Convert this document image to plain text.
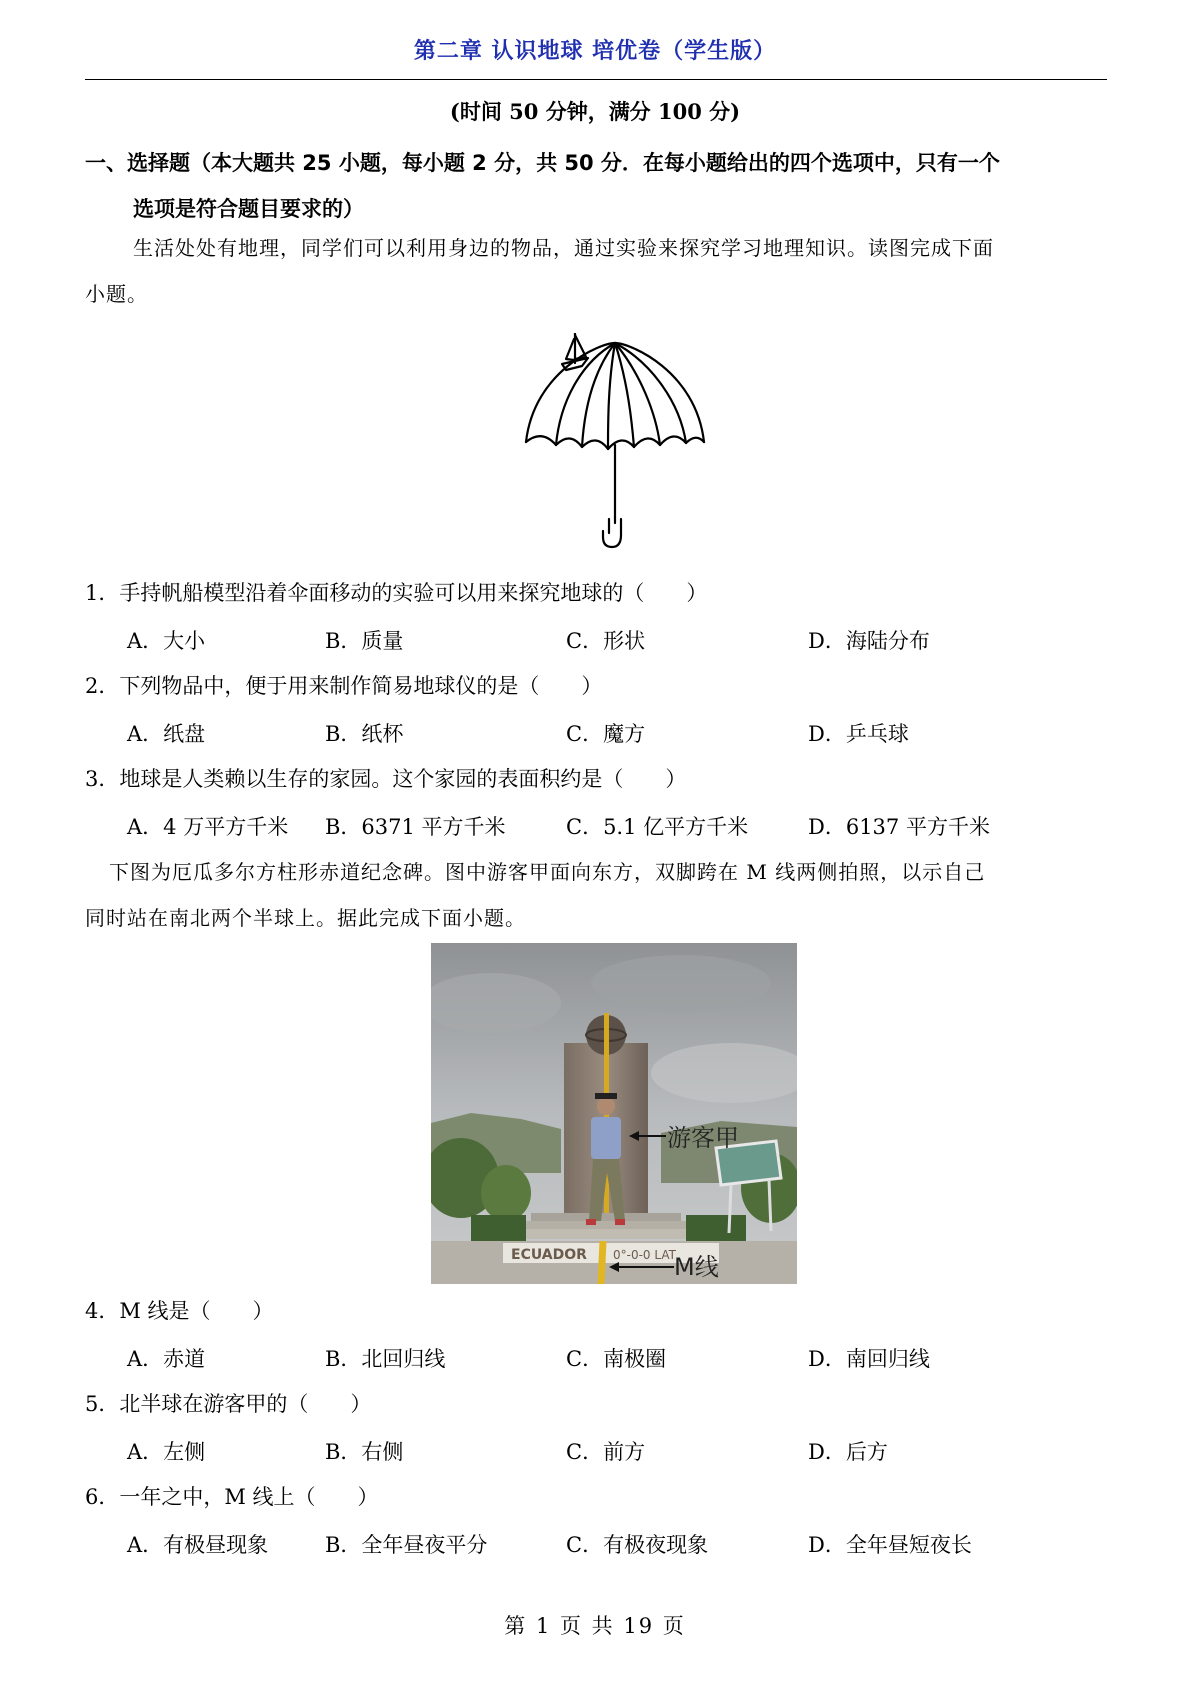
第二章 认识地球 培优卷（学生版）
(时间 50 分钟，满分 100 分)
一、选择题（本大题共 25 小题，每小题 2 分，共 50 分．在每小题给出的四个选项中，只有一个
选项是符合题目要求的）
生活处处有地理，同学们可以利用身边的物品，通过实验来探究学习地理知识。读图完成下面
小题。
1．手持帆船模型沿着伞面移动的实验可以用来探究地球的（　　）
A．大小	B．质量	C．形状	D．海陆分布
2．下列物品中，便于用来制作简易地球仪的是（　　）
A．纸盘	B．纸杯	C．魔方	D．乒乓球
3．地球是人类赖以生存的家园。这个家园的表面积约是（　　）
A．4 万平方千米 B．6371 平方千米	C．5.1 亿平方千米	D．6137 平方千米
下图为厄瓜多尔方柱形赤道纪念碑。图中游客甲面向东方，双脚跨在 M 线两侧拍照，以示自己
同时站在南北两个半球上。据此完成下面小题。
ECUADOR 0°-0-0 LAT
游客甲
M线
4．M 线是（　　）
A．赤道	B．北回归线	C．南极圈	D．南回归线
5．北半球在游客甲的（　　）
A．左侧	B．右侧	C．前方	D．后方
6．一年之中，M 线上（　　）
A．有极昼现象	B．全年昼夜平分	C．有极夜现象	D．全年昼短夜长
第 1 页 共 19 页
